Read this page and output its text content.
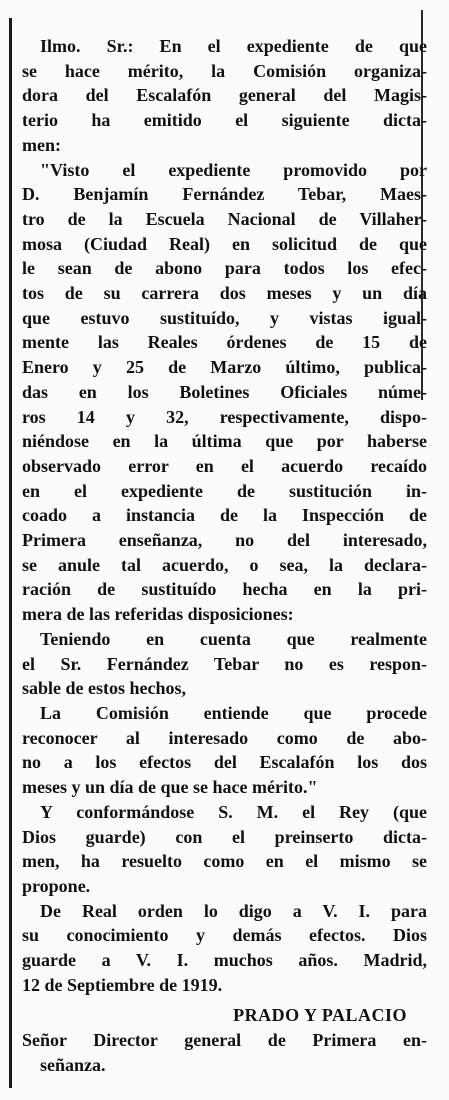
Ilmo. Sr.: En el expediente de que
se hace mérito, la Comisión organiza-
dora del Escalafón general del Magis-
terio ha emitido el siguiente dicta-
men:

"Visto el expediente promovido por
D. Benjamín Fernández Tebar, Maes-
tro de la Escuela Nacional de Villaher-
mosa (Ciudad Real) en solicitud de que
le sean de abono para todos los efec-
tos de su carrera dos meses y un día
que estuvo sustituído, y vistas igual-
mente las Reales órdenes de 15 de
Enero y 25 de Marzo último, publica-
das en los Boletines Oficiales núme-
ros 14 y 32, respectivamente, dispo-
niéndose en la última que por haberse
observado error en el acuerdo recaído
en el expediente de sustitución in-
coado a instancia de la Inspección de
Primera enseñanza, no del interesado,
se anule tal acuerdo, o sea, la declara-
ración de sustituído hecha en la pri-
mera de las referidas disposiciones:

Teniendo en cuenta que realmente
el Sr. Fernández Tebar no es respon-
sable de estos hechos,

La Comisión entiende que procede
reconocer al interesado como de abo-
no a los efectos del Escalafón los dos
meses y un día de que se hace mérito."

Y conformándose S. M. el Rey (que
Dios guarde) con el preinserto dicta-
men, ha resuelto como en el mismo se
propone.

De Real orden lo digo a V. I. para
su conocimiento y demás efectos. Dios
guarde a V. I. muchos años. Madrid,
12 de Septiembre de 1919.

PRADO Y PALACIO

Señor Director general de Primera en-
señanza.
